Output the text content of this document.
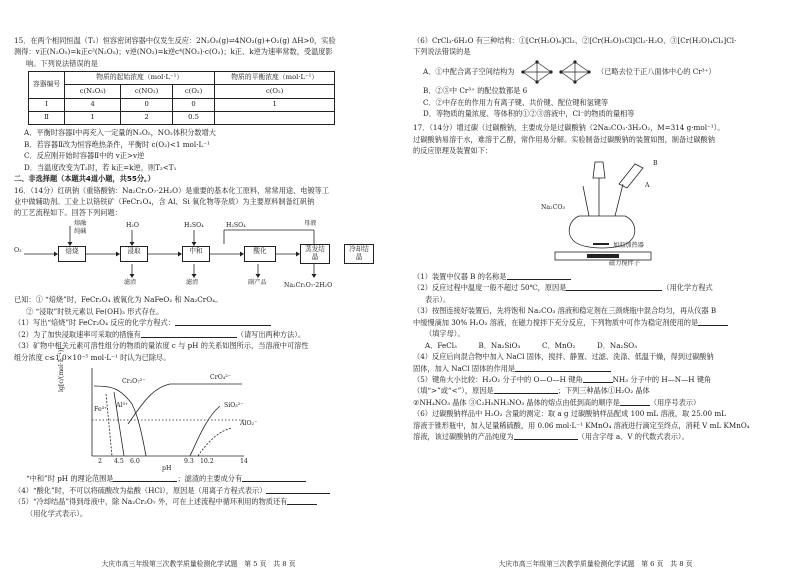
15．在两个相同恒温（T₁）恒容密闭容器中仅发生反应：2N₂O₅(g)⇌4NO₂(g)+O₂(g) ΔH>0，实验
测得：v正(N₂O₅)=k正c²(N₂O₅)；v逆(NO₂)=k逆c⁴(NO₂)·c(O₂)；k正、k逆为速率常数，受温度影
响。下列说法错误的是
容器编号	物质的起始浓度（mol·L⁻¹）			物质的平衡浓度（mol·L⁻¹）
	c(N₂O₅)	c(NO₂)	c(O₂)	c(O₂)
Ⅰ	4	0	0	1
Ⅱ	1	2	0.5	
A．平衡时容器Ⅰ中再充入一定量的N₂O₅，NO₂体积分数增大
B．若容器Ⅱ改为恒容绝热条件，平衡时 c(O₂)<1 mol·L⁻¹
C．反应刚开始时容器Ⅱ中的 v正>v逆
D．当温度改变为T₂时，若 k正=k逆，则T₂<T₁
二、非选择题（本题共4道小题，共55分。）
16．（14分）红矾钠（重铬酸钠：Na₂Cr₂O₇·2H₂O）是重要的基本化工原料，常常用途、电镀等工
业中做辅助剂。工业上以铬铁矿（FeCr₂O₄，含 Al、Si 氧化物等杂质）为主要原料制备红矾钠
的工艺流程如下。回答下列问题：
O₂
熔融
纯碱
H₂O	H₂SO₄	H₂SO₄	母液
焙烧	浸取	中和	酸化	蒸发结晶
冷却结晶
滤渣	滤渣	副产品	Na₂Cr₂O₇·2H₂O
已知：① “焙烧”时，FeCr₂O₄ 被氧化为 NaFeO₂ 和 Na₂CrO₄。
② “浸取”时铁元素以 Fe(OH)₃ 形式存在。
（1）写出“焙烧”时 FeCr₂O₄ 反应的化学方程式：
（2）为了加快浸取速率可采取的措施有	（请写出两种方法）。
（3）矿物中相关元素可溶性组分的物质的量浓度 c 与 pH 的关系如图所示，当溶液中可溶性
组分浓度 c≤1.0×10⁻⁵ mol·L⁻¹ 时认为已除尽。
lg[c/(mol·L⁻¹)]
pH
Cr₂O₇²⁻
CrO₄²⁻
Fe³⁺
Al³⁺	SiO₃²⁻
AlO₂⁻
2 4.5 6.0	9.3 10.2	14
“中和”时 pH 的理论范围是	；滤渣的主要成分有
（4）“酸化”时，不可以将硫酸改为盐酸（HCl），原因是（用离子方程式表示）
（5）“冷却结晶”得到母液中，除 Na₂Cr₂O₇ 外，可在上述流程中循环利用的物质还有
（用化学式表示）。
大庆市高三年级第三次教学质量检测化学试题　第 5 页　共 8 页
（6）CrCl₃·6H₂O 有三种结构：①[Cr(H₂O)₆]Cl₃、②[Cr(H₂O)₅Cl]Cl₂·H₂O、③[Cr(H₂O)₄Cl₂]Cl·
下列说法错误的是
A．①中配合离子空间结构为	（已略去位于正八面体中心的 Cr³⁺）
B．②③中 Cr³⁺ 的配位数都是 6
C．②中存在的作用力有离子键、共价键、配位键和氢键等
D．等物质的量浓度、等体积的①②③溶液中，Cl⁻的物质的量相等
17．（14分）增过碳（过碳酸钠，主要成分是过碳酸钠（2Na₂CO₃·3H₂O₂，M=314 g·mol⁻¹）。
过碳酸钠易溶于水，难溶于乙醇，常作用易分解。实验制备过碳酸钠的装置如图，制备过碳酸钠
的反应原理及装置如下：
B
A
Na₂CO₃
加温加热器
磁力搅拌子
（1）装置中仪器 B 的名称是
（2）反应过程中温度一般不超过 50℃，原因是	（用化学方程式
表示）。
（3）按图连接好装置后，先将饱和 Na₂CO₃ 溶液和稳定剂在三颈烧瓶中混合均匀，再从仪器 B
中缓慢滴加 30% H₂O₂ 溶液，在磁力搅拌下充分反应，下列物质中可作为稳定剂使用的是
（填字母）。
A．FeCl₃　　　B．Na₂SiO₃　　　C．MnO₂　　　D．Na₂SO₃
（4）反应后向混合物中加入 NaCl 固体，搅拌、静置、过滤、洗涤、低温干燥，得到过碳酸钠
固体，加入 NaCl 固体的作用是
（5）键角大小比较：H₂O₂ 分子中的 O—O—H 键角	NH₃ 分子中的 H—N—H 键角
（填“>”或“<”），原因是	；下列三种晶体①H₂O₂ 晶体
②NH₄NO₃ 晶体 ③C₂H₅NH₃NO₃ 晶体的熔点由低到高的顺序是	（用序号表示）
（6）过碳酸钠样品中 H₂O₂ 含量的测定：取 a g 过碳酸钠样品配成 100 mL 溶液，取 25.00 mL
溶液于锥形瓶中，加入足量稀硫酸，用 0.06 mol·L⁻¹ KMnO₄ 溶液进行滴定至终点，消耗 V mL KMnO₄
溶液，该过碳酸钠的产品纯度为	（用含字母 a、V 的代数式表示）。
大庆市高三年级第三次教学质量检测化学试题　第 6 页　共 8 页
